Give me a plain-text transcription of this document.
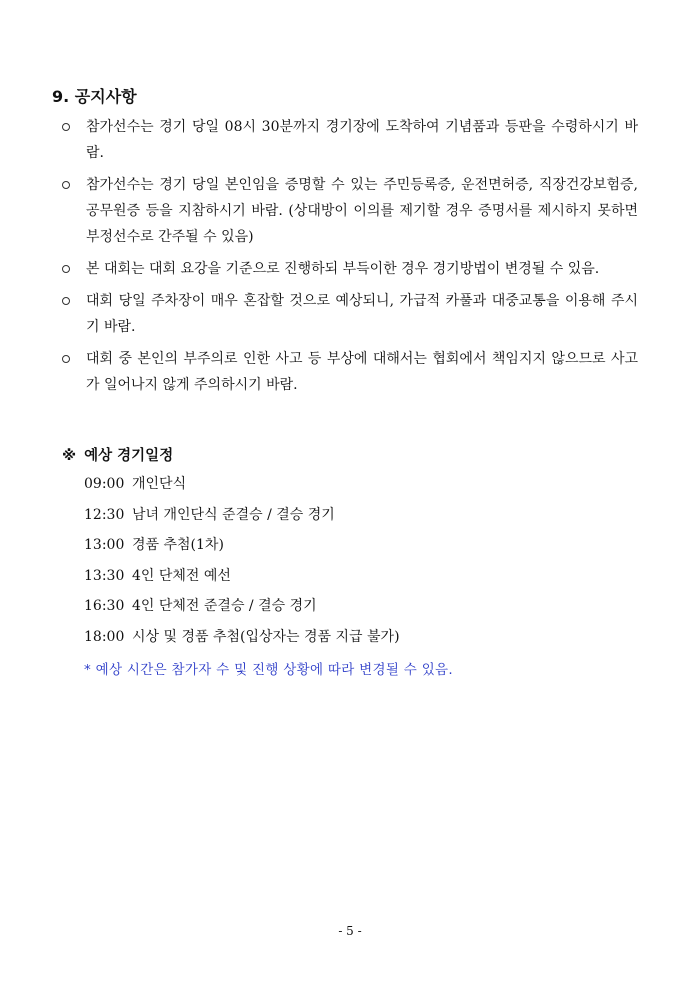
9. 공지사항
참가선수는 경기 당일 08시 30분까지 경기장에 도착하여 기념품과 등판을 수령하시기 바람.
참가선수는 경기 당일 본인임을 증명할 수 있는 주민등록증, 운전면허증, 직장건강보험증, 공무원증 등을 지참하시기 바람. (상대방이 이의를 제기할 경우 증명서를 제시하지 못하면 부정선수로 간주될 수 있음)
본 대회는 대회 요강을 기준으로 진행하되 부득이한 경우 경기방법이 변경될 수 있음.
대회 당일 주차장이 매우 혼잡할 것으로 예상되니, 가급적 카풀과 대중교통을 이용해 주시기 바람.
대회 중 본인의 부주의로 인한 사고 등 부상에 대해서는 협회에서 책임지지 않으므로 사고가 일어나지 않게 주의하시기 바람.
※ 예상 경기일정
09:00 개인단식
12:30 남녀 개인단식 준결승 / 결승 경기
13:00 경품 추첨(1차)
13:30 4인 단체전 예선
16:30 4인 단체전 준결승 / 결승 경기
18:00 시상 및 경품 추첨(입상자는 경품 지급 불가)
* 예상 시간은 참가자 수 및 진행 상황에 따라 변경될 수 있음.
- 5 -
